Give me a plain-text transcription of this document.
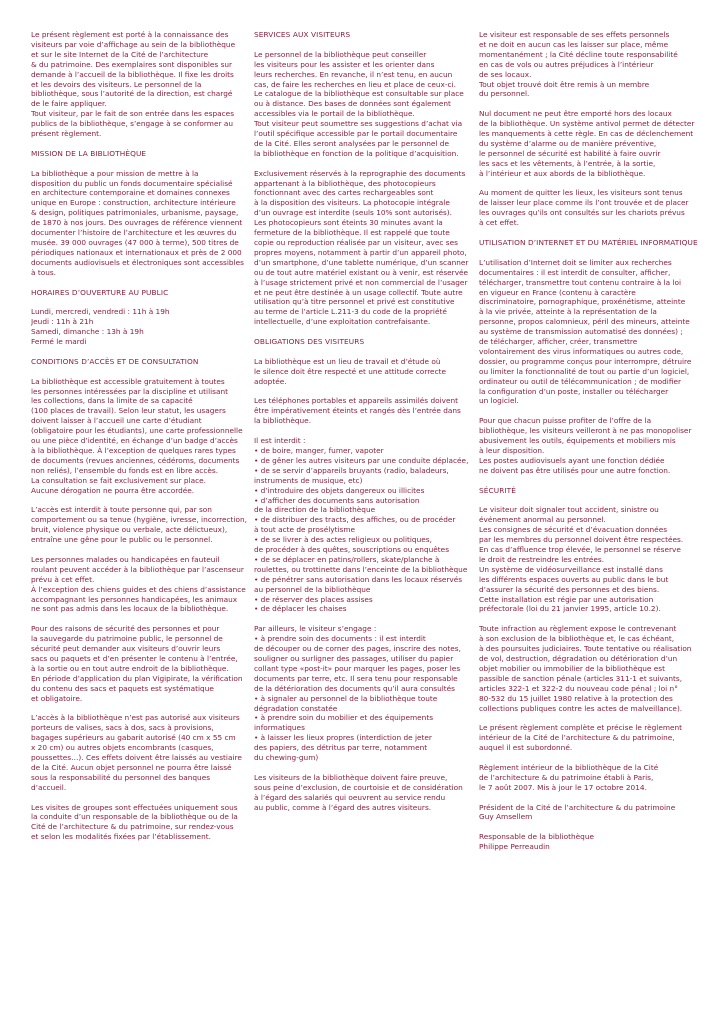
Le présent règlement est porté à la connaissance des
visiteurs par voie d’affichage au sein de la bibliothèque
et sur le site Internet de la Cité de l’architecture
& du patrimoine. Des exemplaires sont disponibles sur
demande à l’accueil de la bibliothèque. Il fixe les droits
et les devoirs des visiteurs. Le personnel de la
bibliothèque, sous l’autorité de la direction, est chargé
de le faire appliquer.
Tout visiteur, par le fait de son entrée dans les espaces
publics de la bibliothèque, s’engage à se conformer au
présent règlement.

MISSION DE LA BIBLIOTHÈQUE

La bibliothèque a pour mission de mettre à la
disposition du public un fonds documentaire spécialisé
en architecture contemporaine et domaines connexes
unique en Europe : construction, architecture intérieure
& design, politiques patrimoniales, urbanisme, paysage,
de 1870 à nos jours. Des ouvrages de référence viennent
documenter l’histoire de l’architecture et les œuvres du
musée. 39 000 ouvrages (47 000 à terme), 500 titres de
périodiques nationaux et internationaux et près de 2 000
documents audiovisuels et électroniques sont accessibles
à tous.

HORAIRES D’OUVERTURE AU PUBLIC

Lundi, mercredi, vendredi : 11h à 19h
Jeudi : 11h à 21h
Samedi, dimanche : 13h à 19h
Fermé le mardi

CONDITIONS D’ACCÈS ET DE CONSULTATION

La bibliothèque est accessible gratuitement à toutes
les personnes intéressées par la discipline et utilisant
les collections, dans la limite de sa capacité
(100 places de travail). Selon leur statut, les usagers
doivent laisser à l’accueil une carte d’étudiant
(obligatoire pour les étudiants), une carte professionnelle
ou une pièce d’identité, en échange d’un badge d’accès
à la bibliothèque. À l’exception de quelques rares types
de documents (revues anciennes, cédéroms, documents
non reliés), l’ensemble du fonds est en libre accès.
La consultation se fait exclusivement sur place.
Aucune dérogation ne pourra être accordée.

L’accès est interdit à toute personne qui, par son
comportement ou sa tenue (hygiène, ivresse, incorrection,
bruit, violence physique ou verbale, acte délictueux),
entraîne une gêne pour le public ou le personnel.

Les personnes malades ou handicapées en fauteuil
roulant peuvent accéder à la bibliothèque par l’ascenseur
prévu à cet effet.
À l’exception des chiens guides et des chiens d’assistance
accompagnant les personnes handicapées, les animaux
ne sont pas admis dans les locaux de la bibliothèque.

Pour des raisons de sécurité des personnes et pour
la sauvegarde du patrimoine public, le personnel de
sécurité peut demander aux visiteurs d’ouvrir leurs
sacs ou paquets et d’en présenter le contenu à l’entrée,
à la sortie ou en tout autre endroit de la bibliothèque.
En période d’application du plan Vigipirate, la vérification
du contenu des sacs et paquets est systématique
et obligatoire.

L’accès à la bibliothèque n’est pas autorisé aux visiteurs
porteurs de valises, sacs à dos, sacs à provisions,
bagages supérieurs au gabarit autorisé (40 cm x 55 cm
x 20 cm) ou autres objets encombrants (casques,
poussettes…). Ces effets doivent être laissés au vestiaire
de la Cité. Aucun objet personnel ne pourra être laissé
sous la responsabilité du personnel des banques
d’accueil.

Les visites de groupes sont effectuées uniquement sous
la conduite d’un responsable de la bibliothèque ou de la
Cité de l’architecture & du patrimoine, sur rendez-vous
et selon les modalités fixées par l’établissement.

SERVICES AUX VISITEURS

Le personnel de la bibliothèque peut conseiller
les visiteurs pour les assister et les orienter dans
leurs recherches. En revanche, il n’est tenu, en aucun
cas, de faire les recherches en lieu et place de ceux-ci.
Le catalogue de la bibliothèque est consultable sur place
ou à distance. Des bases de données sont également
accessibles via le portail de la bibliothèque.
Tout visiteur peut soumettre ses suggestions d’achat via
l’outil spécifique accessible par le portail documentaire
de la Cité. Elles seront analysées par le personnel de
la bibliothèque en fonction de la politique d’acquisition.

Exclusivement réservés à la reprographie des documents
appartenant à la bibliothèque, des photocopieurs
fonctionnant avec des cartes rechargeables sont
à la disposition des visiteurs. La photocopie intégrale
d’un ouvrage est interdite (seuls 10% sont autorisés).
Les photocopieurs sont éteints 30 minutes avant la
fermeture de la bibliothèque. Il est rappelé que toute
copie ou reproduction réalisée par un visiteur, avec ses
propres moyens, notamment à partir d’un appareil photo,
d’un smartphone, d’une tablette numérique, d’un scanner
ou de tout autre matériel existant ou à venir, est réservée
à l’usage strictement privé et non commercial de l’usager
et ne peut être destinée à un usage collectif. Toute autre
utilisation qu’à titre personnel et privé est constitutive
au terme de l’article L.211-3 du code de la propriété
intellectuelle, d’une exploitation contrefaisante.

OBLIGATIONS DES VISITEURS

La bibliothèque est un lieu de travail et d’étude où
le silence doit être respecté et une attitude correcte
adoptée.

Les téléphones portables et appareils assimilés doivent
être impérativement éteints et rangés dès l’entrée dans
la bibliothèque.

Il est interdit :
• de boire, manger, fumer, vapoter
• de gêner les autres visiteurs par une conduite déplacée,
• de se servir d’appareils bruyants (radio, baladeurs,
instruments de musique, etc)
• d’introduire des objets dangereux ou illicites
• d’afficher des documents sans autorisation
de la direction de la bibliothèque
• de distribuer des tracts, des affiches, ou de procéder
à tout acte de prosélytisme
• de se livrer à des actes religieux ou politiques,
de procéder à des quêtes, souscriptions ou enquêtes
• de se déplacer en patins/rollers, skate/planche à
roulettes, ou trottinette dans l’enceinte de la bibliothèque
• de pénétrer sans autorisation dans les locaux réservés
au personnel de la bibliothèque
• de réserver des places assises
• de déplacer les chaises

Par ailleurs, le visiteur s’engage :
• à prendre soin des documents : il est interdit
de découper ou de corner des pages, inscrire des notes,
souligner ou surligner des passages, utiliser du papier
collant type «post-it» pour marquer les pages, poser les
documents par terre, etc. Il sera tenu pour responsable
de la détérioration des documents qu’il aura consultés
• à signaler au personnel de la bibliothèque toute
dégradation constatée
• à prendre soin du mobilier et des équipements
informatiques
• à laisser les lieux propres (interdiction de jeter
des papiers, des détritus par terre, notamment
du chewing-gum)

Les visiteurs de la bibliothèque doivent faire preuve,
sous peine d’exclusion, de courtoisie et de considération
à l’égard des salariés qui oeuvrent au service rendu
au public, comme à l’égard des autres visiteurs.

Le visiteur est responsable de ses effets personnels
et ne doit en aucun cas les laisser sur place, même
momentanément ; la Cité décline toute responsabilité
en cas de vols ou autres préjudices à l’intérieur
de ses locaux.
Tout objet trouvé doit être remis à un membre
du personnel.

Nul document ne peut être emporté hors des locaux
de la bibliothèque. Un système antivol permet de détecter
les manquements à cette règle. En cas de déclenchement
du système d’alarme ou de manière préventive,
le personnel de sécurité est habilité à faire ouvrir
les sacs et les vêtements, à l’entrée, à la sortie,
à l’intérieur et aux abords de la bibliothèque.

Au moment de quitter les lieux, les visiteurs sont tenus
de laisser leur place comme ils l’ont trouvée et de placer
les ouvrages qu’ils ont consultés sur les chariots prévus
à cet effet.

UTILISATION D’INTERNET ET DU MATÉRIEL INFORMATIQUE

L’utilisation d’Internet doit se limiter aux recherches
documentaires : il est interdit de consulter, afficher,
télécharger, transmettre tout contenu contraire à la loi
en vigueur en France (contenu à caractère
discriminatoire, pornographique, proxénétisme, atteinte
à la vie privée, atteinte à la représentation de la
personne, propos calomnieux, péril des mineurs, atteinte
au système de transmission automatisé des données) ;
de télécharger, afficher, créer, transmettre
volontairement des virus informatiques ou autres code,
dossier, ou programme conçus pour interrompre, détruire
ou limiter la fonctionnalité de tout ou partie d’un logiciel,
ordinateur ou outil de télécommunication ; de modifier
la configuration d’un poste, installer ou télécharger
un logiciel.

Pour que chacun puisse profiter de l’offre de la
bibliothèque, les visiteurs veilleront à ne pas monopoliser
abusivement les outils, équipements et mobiliers mis
à leur disposition.
Les postes audiovisuels ayant une fonction dédiée
ne doivent pas être utilisés pour une autre fonction.

SÉCURITÉ

Le visiteur doit signaler tout accident, sinistre ou
événement anormal au personnel.
Les consignes de sécurité et d’évacuation données
par les membres du personnel doivent être respectées.
En cas d’affluence trop élevée, le personnel se réserve
le droit de restreindre les entrées.
Un système de vidéosurveillance est installé dans
les différents espaces ouverts au public dans le but
d’assurer la sécurité des personnes et des biens.
Cette installation est régie par une autorisation
préfectorale (loi du 21 janvier 1995, article 10.2).

Toute infraction au règlement expose le contrevenant
à son exclusion de la bibliothèque et, le cas échéant,
à des poursuites judiciaires. Toute tentative ou réalisation
de vol, destruction, dégradation ou détérioration d’un
objet mobilier ou immobilier de la bibliothèque est
passible de sanction pénale (articles 311-1 et suivants,
articles 322-1 et 322-2 du nouveau code pénal ; loi n°
80-532 du 15 juillet 1980 relative à la protection des
collections publiques contre les actes de malveillance).

Le présent règlement complète et précise le règlement
intérieur de la Cité de l’architecture & du patrimoine,
auquel il est subordonné.

Règlement intérieur de la bibliothèque de la Cité
de l’architecture & du patrimoine établi à Paris,
le 7 août 2007. Mis à jour le 17 octobre 2014.

Président de la Cité de l’architecture & du patrimoine
Guy Amsellem

Responsable de la bibliothèque
Philippe Perreaudin
